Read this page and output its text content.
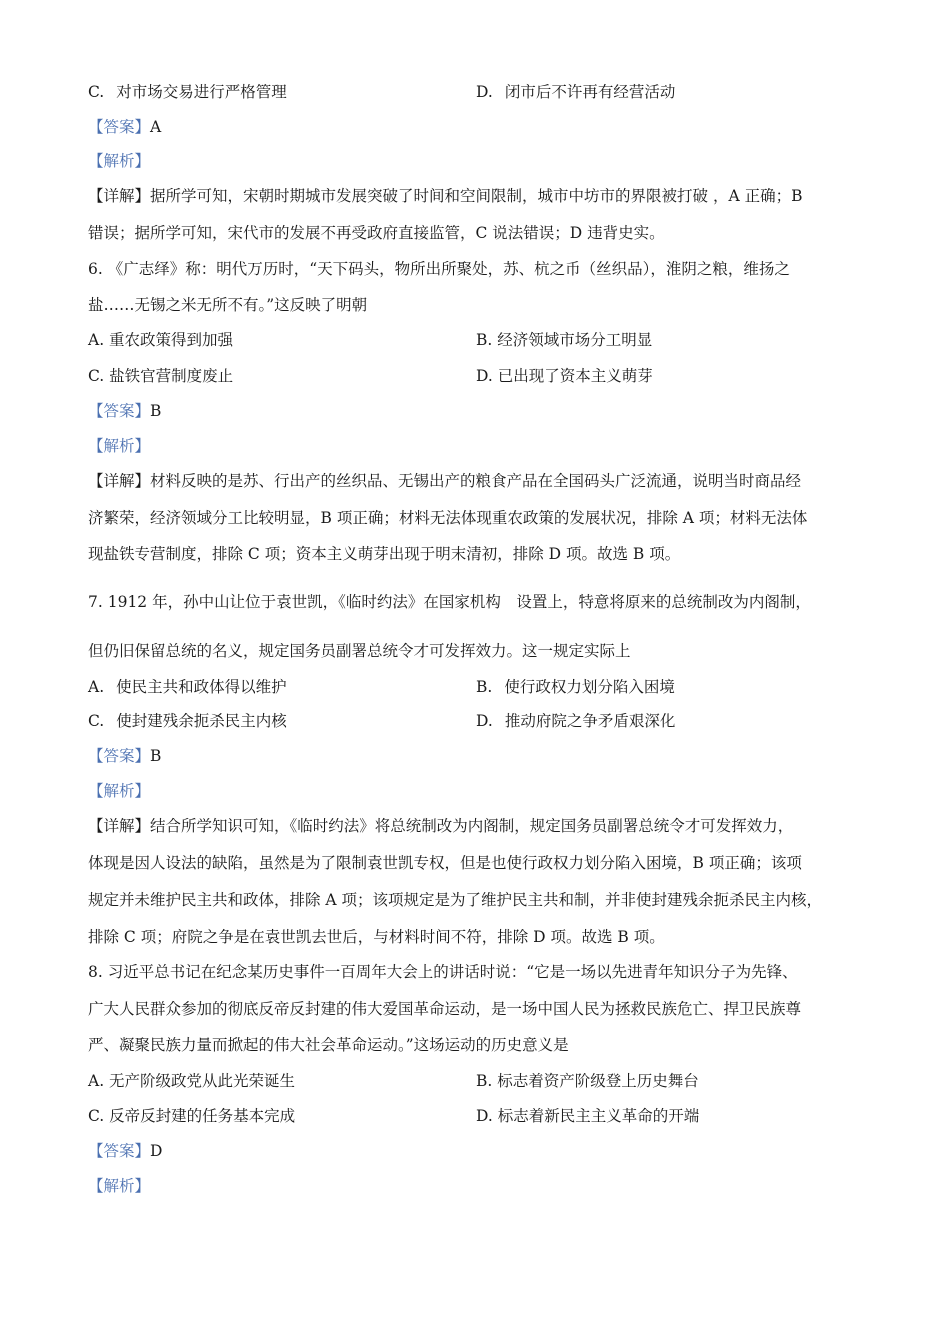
C. 对市场交易进行严格管理	D. 闭市后不许再有经营活动
【答案】A
【解析】
【详解】据所学可知，宋朝时期城市发展突破了时间和空间限制，城市中坊市的界限被打破 ，A 正确；B
错误；据所学可知，宋代市的发展不再受政府直接监管，C 说法错误；D 违背史实。
6. 《广志绎》称：明代万历时，“天下码头，物所出所聚处，苏、杭之币（丝织品），淮阴之粮，维扬之
盐……无锡之米无所不有。”这反映了明朝
A. 重农政策得到加强	B. 经济领域市场分工明显
C. 盐铁官营制度废止	D. 已出现了资本主义萌芽
【答案】B
【解析】
【详解】材料反映的是苏、行出产的丝织品、无锡出产的粮食产品在全国码头广泛流通，说明当时商品经
济繁荣，经济领域分工比较明显，B 项正确；材料无法体现重农政策的发展状况，排除 A 项；材料无法体
现盐铁专营制度，排除 C 项；资本主义萌芽出现于明末清初，排除 D 项。故选 B 项。
7. 1912 年，孙中山让位于袁世凯，《临时约法》在国家机构　设置上，特意将原来的总统制改为内阁制，
但仍旧保留总统的名义，规定国务员副署总统令才可发挥效力。这一规定实际上
A. 使民主共和政体得以维护	B. 使行政权力划分陷入困境
C. 使封建残余扼杀民主内核	D. 推动府院之争矛盾艰深化
【答案】B
【解析】
【详解】结合所学知识可知，《临时约法》将总统制改为内阁制，规定国务员副署总统令才可发挥效力，
体现是因人设法的缺陷，虽然是为了限制袁世凯专权，但是也使行政权力划分陷入困境，B 项正确；该项
规定并未维护民主共和政体，排除 A 项；该项规定是为了维护民主共和制，并非使封建残余扼杀民主内核，
排除 C 项；府院之争是在袁世凯去世后，与材料时间不符，排除 D 项。故选 B 项。
8. 习近平总书记在纪念某历史事件一百周年大会上的讲话时说：“它是一场以先进青年知识分子为先锋、
广大人民群众参加的彻底反帝反封建的伟大爱国革命运动，是一场中国人民为拯救民族危亡、捍卫民族尊
严、凝聚民族力量而掀起的伟大社会革命运动。”这场运动的历史意义是
A. 无产阶级政党从此光荣诞生	B. 标志着资产阶级登上历史舞台
C. 反帝反封建的任务基本完成	D. 标志着新民主主义革命的开端
【答案】D
【解析】
